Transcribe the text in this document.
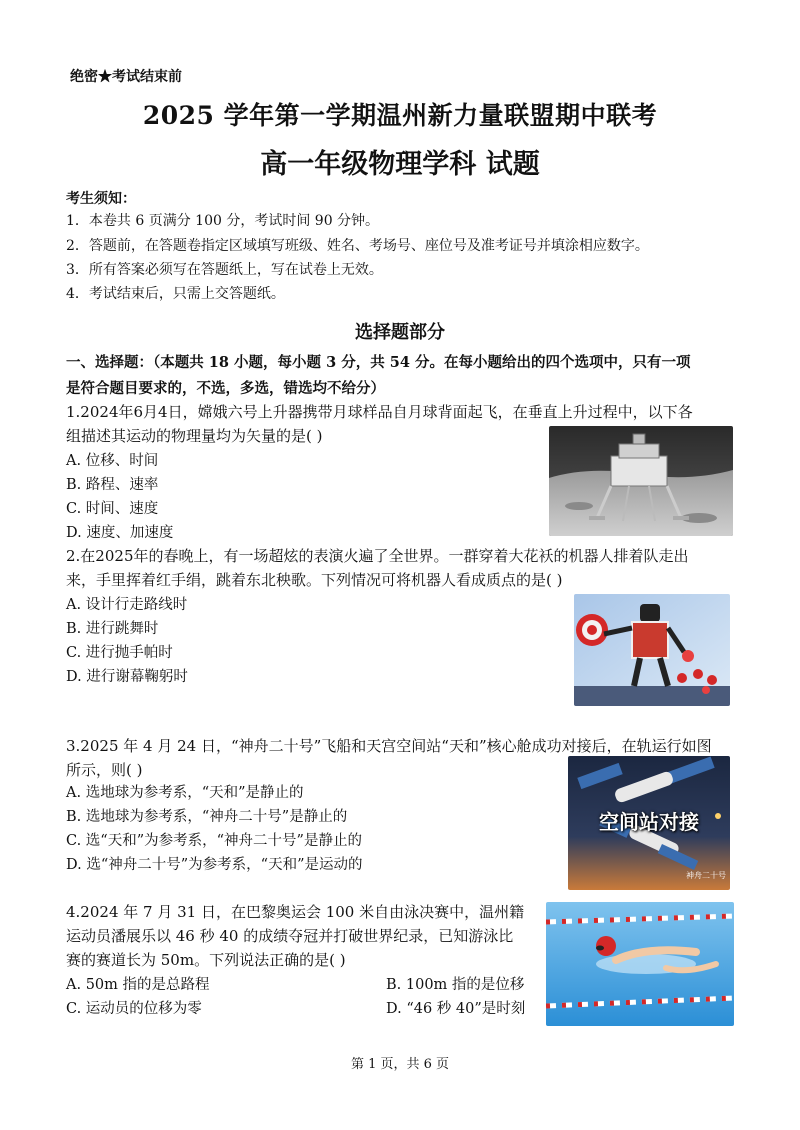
绝密★考试结束前
2025 学年第一学期温州新力量联盟期中联考
高一年级物理学科 试题
考生须知：
1．本卷共 6 页满分 100 分，考试时间 90 分钟。
2．答题前，在答题卷指定区域填写班级、姓名、考场号、座位号及准考证号并填涂相应数字。
3．所有答案必须写在答题纸上，写在试卷上无效。
4．考试结束后，只需上交答题纸。
选择题部分
一、选择题：（本题共 18 小题，每小题 3 分，共 54 分。在每小题给出的四个选项中，只有一项
是符合题目要求的，不选，多选，错选均不给分）
1.2024年6月4日，嫦娥六号上升器携带月球样品自月球背面起飞，在垂直上升过程中，以下各
组描述其运动的物理量均为矢量的是( )
A. 位移、时间
B. 路程、速率
C. 时间、速度
D. 速度、加速度
2.在2025年的春晚上，有一场超炫的表演火遍了全世界。一群穿着大花袄的机器人排着队走出
来，手里挥着红手绢，跳着东北秧歌。下列情况可将机器人看成质点的是( )
A. 设计行走路线时
B. 进行跳舞时
C. 进行抛手帕时
D. 进行谢幕鞠躬时
3.2025 年 4 月 24 日，“神舟二十号”飞船和天宫空间站“天和”核心舱成功对接后，在轨运行如图
所示，则( )
A. 选地球为参考系，“天和”是静止的
B. 选地球为参考系，“神舟二十号”是静止的
C. 选“天和”为参考系，“神舟二十号”是静止的
D. 选“神舟二十号”为参考系，“天和”是运动的
神舟二十号
空间站对接
4.2024 年 7 月 31 日，在巴黎奥运会 100 米自由泳决赛中，温州籍
运动员潘展乐以 46 秒 40 的成绩夺冠并打破世界纪录，已知游泳比
赛的赛道长为 50m。下列说法正确的是( )
A. 50m 指的是总路程	B. 100m 指的是位移
C. 运动员的位移为零	D. “46 秒 40”是时刻
第 1 页，共 6 页
